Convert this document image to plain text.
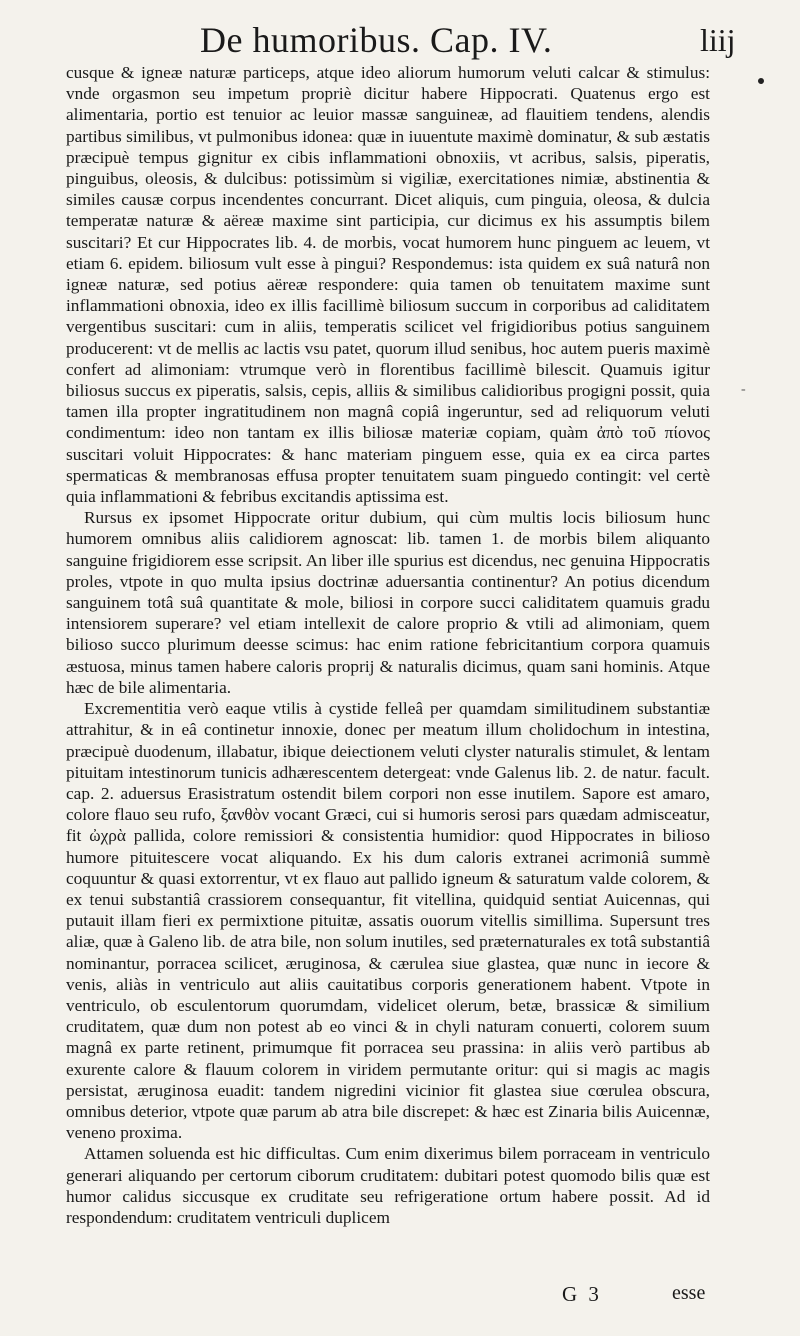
De humoribus. Cap. IV.	liij

cusque & igneæ naturæ particeps, atque ideo aliorum humorum veluti calcar & stimulus: vnde orgasmon seu impetum propriè dicitur habere Hippocrati. Quatenus ergo est alimentaria, portio est tenuior ac leuior massæ sanguineæ, ad flauitiem tendens, alendis partibus similibus, vt pulmonibus idonea: quæ in iuuentute maximè dominatur, & sub æstatis præcipuè tempus gignitur ex cibis inflammationi obnoxiis, vt acribus, salsis, piperatis, pinguibus, oleosis, & dulcibus: potissimùm si vigiliæ, exercitationes nimiæ, abstinentia & similes causæ corpus incendentes concurrant. Dicet aliquis, cum pinguia, oleosa, & dulcia temperatæ naturæ & aëreæ maxime sint participia, cur dicimus ex his assumptis bilem suscitari? Et cur Hippocrates lib. 4. de morbis, vocat humorem hunc pinguem ac leuem, vt etiam 6. epidem. biliosum vult esse à pingui? Respondemus: ista quidem ex suâ naturâ non igneæ naturæ, sed potius aëreæ respondere: quia tamen ob tenuitatem maxime sunt inflammationi obnoxia, ideo ex illis facillimè biliosum succum in corporibus ad caliditatem vergentibus suscitari: cum in aliis, temperatis scilicet vel frigidioribus potius sanguinem producerent: vt de mellis ac lactis vsu patet, quorum illud senibus, hoc autem pueris maximè confert ad alimoniam: vtrumque verò in florentibus facillimè bilescit. Quamuis igitur biliosus succus ex piperatis, salsis, cepis, alliis & similibus calidioribus progigni possit, quia tamen illa propter ingratitudinem non magnâ copiâ ingeruntur, sed ad reliquorum veluti condimentum: ideo non tantam ex illis biliosæ materiæ copiam, quàm ἀπὸ τοῦ πίονος suscitari voluit Hippocrates: & hanc materiam pinguem esse, quia ex ea circa partes spermaticas & membranosas effusa propter tenuitatem suam pinguedo contingit: vel certè quia inflammationi & febribus excitandis aptissima est.

Rursus ex ipsomet Hippocrate oritur dubium, qui cùm multis locis biliosum hunc humorem omnibus aliis calidiorem agnoscat: lib. tamen 1. de morbis bilem aliquanto sanguine frigidiorem esse scripsit. An liber ille spurius est dicendus, nec genuina Hippocratis proles, vtpote in quo multa ipsius doctrinæ aduersantia continentur? An potius dicendum sanguinem totâ suâ quantitate & mole, biliosi in corpore succi caliditatem quamuis gradu intensiorem superare? vel etiam intellexit de calore proprio & vtili ad alimoniam, quem bilioso succo plurimum deesse scimus: hac enim ratione febricitantium corpora quamuis æstuosa, minus tamen habere caloris proprij & naturalis dicimus, quam sani hominis. Atque hæc de bile alimentaria.

Excrementitia verò eaque vtilis à cystide felleâ per quamdam similitudinem substantiæ attrahitur, & in eâ continetur innoxie, donec per meatum illum cholidochum in intestina, præcipuè duodenum, illabatur, ibique deiectionem veluti clyster naturalis stimulet, & lentam pituitam intestinorum tunicis adhærescentem detergeat: vnde Galenus lib. 2. de natur. facult. cap. 2. aduersus Erasistratum ostendit bilem corpori non esse inutilem. Sapore est amaro, colore flauo seu rufo, ξανθὸν vocant Græci, cui si humoris serosi pars quædam admisceatur, fit ὠχρὰ pallida, colore remissiori & consistentia humidior: quod Hippocrates in bilioso humore pituitescere vocat aliquando. Ex his dum caloris extranei acrimoniâ summè coquuntur & quasi extorrentur, vt ex flauo aut pallido igneum & saturatum valde colorem, & ex tenui substantiâ crassiorem consequantur, fit vitellina, quidquid sentiat Auicennas, qui putauit illam fieri ex permixtione pituitæ, assatis ouorum vitellis simillima. Supersunt tres aliæ, quæ à Galeno lib. de atra bile, non solum inutiles, sed præternaturales ex totâ substantiâ nominantur, porracea scilicet, æruginosa, & cærulea siue glastea, quæ nunc in iecore & venis, aliàs in ventriculo aut aliis cauitatibus corporis generationem habent. Vtpote in ventriculo, ob esculentorum quorumdam, videlicet olerum, betæ, brassicæ & similium cruditatem, quæ dum non potest ab eo vinci & in chyli naturam conuerti, colorem suum magnâ ex parte retinent, primumque fit porracea seu prassina: in aliis verò partibus ab exurente calore & flauum colorem in viridem permutante oritur: qui si magis ac magis persistat, æruginosa euadit: tandem nigredini vicinior fit glastea siue cœrulea obscura, omnibus deterior, vtpote quæ parum ab atra bile discrepet: & hæc est Zinaria bilis Auicennæ, veneno proxima.

Attamen soluenda est hic difficultas. Cum enim dixerimus bilem porraceam in ventriculo generari aliquando per certorum ciborum cruditatem: dubitari potest quomodo bilis quæ est humor calidus siccusque ex cruditate seu refrigeratione ortum habere possit. Ad id respondendum: cruditatem ventriculi duplicem

G 3	esse
-
